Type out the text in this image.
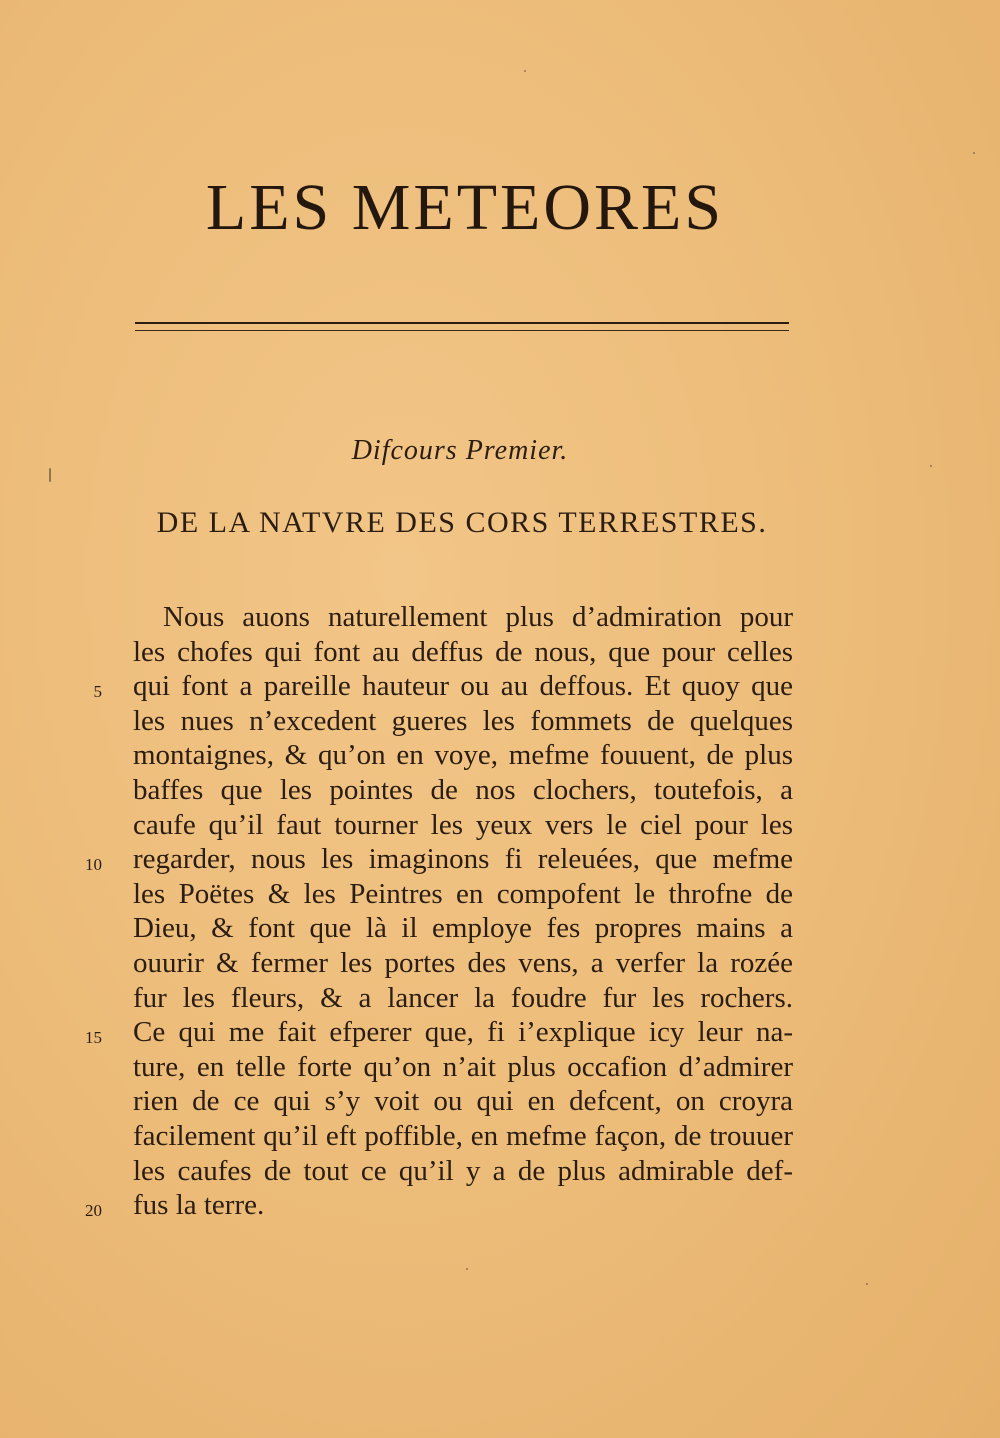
LES METEORES
Difcours Premier.
DE LA NATVRE DES CORS TERRESTRES.
Nous auons naturellement plus d’admiration pour
les chofes qui font au deffus de nous, que pour celles
qui font a pareille hauteur ou au deffous. Et quoy que
les nues n’excedent gueres les fommets de quelques
montaignes, & qu’on en voye, mefme fouuent, de plus
baffes que les pointes de nos clochers, toutefois, a
caufe qu’il faut tourner les yeux vers le ciel pour les
regarder, nous les imaginons fi releuées, que mefme
les Poëtes & les Peintres en compofent le throfne de
Dieu, & font que là il employe fes propres mains a
ouurir & fermer les portes des vens, a verfer la rozée
fur les fleurs, & a lancer la foudre fur les rochers.
Ce qui me fait efperer que, fi i’explique icy leur na-
ture, en telle forte qu’on n’ait plus occafion d’admirer
rien de ce qui s’y voit ou qui en defcent, on croyra
facilement qu’il eft poffible, en mefme façon, de trouuer
les caufes de tout ce qu’il y a de plus admirable def-
fus la terre.
5
10
15
20
